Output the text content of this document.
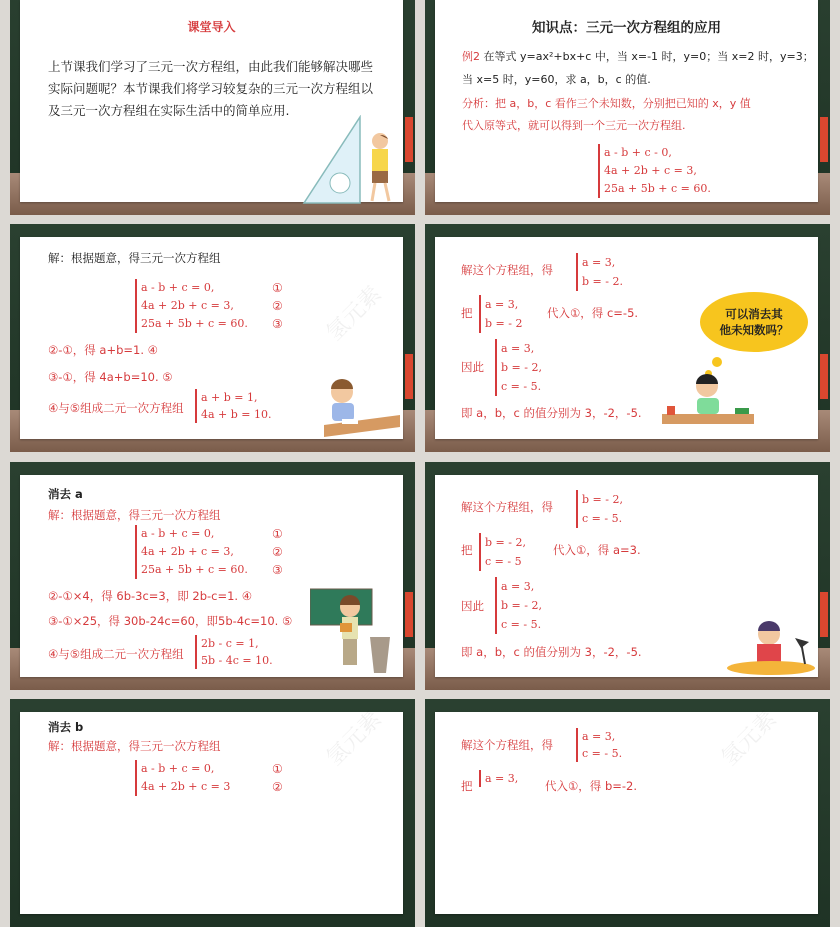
课堂导入
上节课我们学习了三元一次方程组，由此我们能够解决哪些实际问题呢？本节课我们将学习较复杂的三元一次方程组以及三元一次方程组在实际生活中的简单应用.
知识点：三元一次方程组的应用
例2 在等式 y=ax²+bx+c 中，当 x=-1 时，y=0；当 x=2 时，y=3；
当 x=5 时，y=60，求 a，b，c 的值.
分析：把 a，b，c 看作三个未知数，分别把已知的 x，y 值
代入原等式，就可以得到一个三元一次方程组.
a - b + c - 0,
4a + 2b + c = 3,
25a + 5b + c = 60.
解：根据题意，得三元一次方程组
a - b + c = 0,
4a + 2b + c = 3,
25a + 5b + c = 60.
①
②
③
②-①，得 a+b=1. ④
③-①，得 4a+b=10. ⑤
④与⑤组成二元一次方程组
a + b = 1,
4a + b = 10.
氢元素
解这个方程组，得
a = 3,
b = - 2.
把
a = 3,
b = - 2
代入①，得 c=-5.
因此
a = 3,
b = - 2,
c = - 5.
即 a，b，c 的值分别为 3，-2，-5.
可以消去其
他未知数吗？
消去 a
解：根据题意，得三元一次方程组
a - b + c = 0,
4a + 2b + c = 3,
25a + 5b + c = 60.
①
②
③
②-①×4，得 6b-3c=3，即 2b-c=1. ④
③-①×25，得 30b-24c=60，即5b-4c=10. ⑤
④与⑤组成二元一次方程组
2b - c = 1,
5b - 4c = 10.
解这个方程组，得
b = - 2,
c = - 5.
把
b = - 2,
c = - 5
代入①，得 a=3.
因此
a = 3,
b = - 2,
c = - 5.
即 a，b，c 的值分别为 3，-2，-5.
消去 b
解：根据题意，得三元一次方程组
a - b + c = 0,
4a + 2b + c = 3
①
②
氢元素	解这个方程组，得
a = 3,
c = - 5.
把
a = 3,
代入①，得 b=-2.
氢元素
